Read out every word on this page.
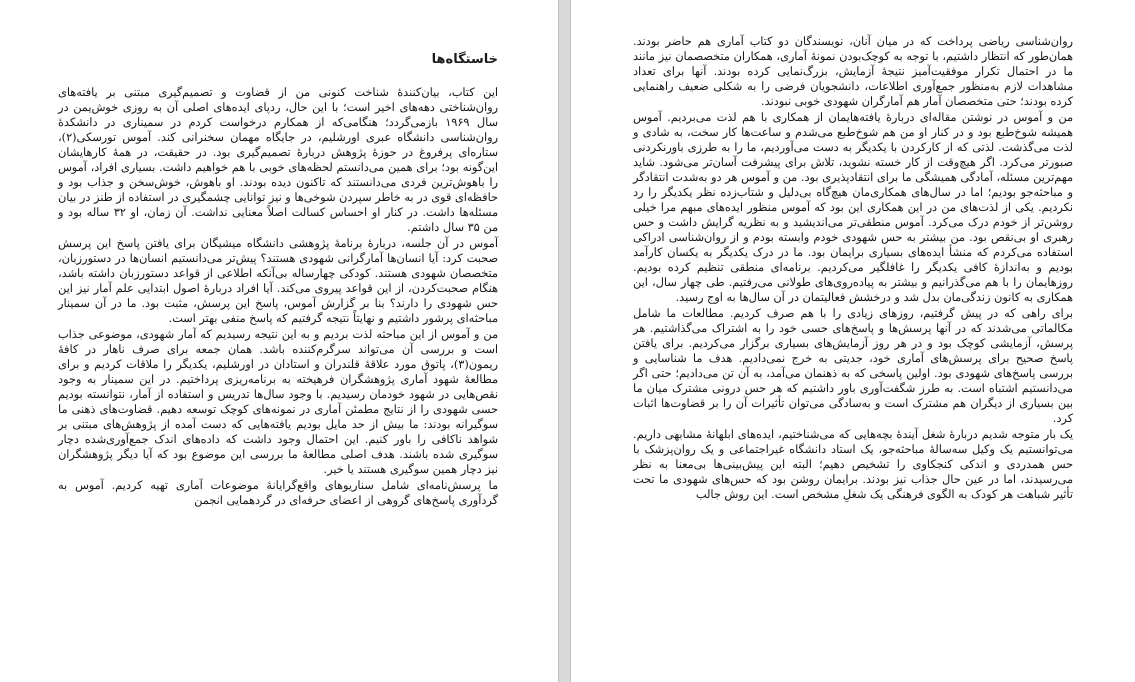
خاستگاه‌ها

این کتاب، بیان‌کنندهٔ شناخت کنونی من از قضاوت و تصمیم‌گیری مبتنی بر یافته‌های روان‌شناختی دهه‌های اخیر است؛ با این حال، ردپای ایده‌های اصلی آن به روزی خوش‌یمن در سال ۱۹۶۹ بازمی‌گردد؛ هنگامی‌که از همکارم درخواست کردم در سمیناری در دانشکدهٔ روان‌شناسی دانشگاه عبری اورشلیم، در جایگاه مهمان سخنرانی کند. آموس تورسکی(۲)، ستاره‌ای پرفروغ در حوزهٔ پژوهش دربارهٔ تصمیم‌گیری بود. در حقیقت، در همهٔ کارهایشان این‌گونه بود؛ برای همین می‌دانستم لحظه‌های خوبی با هم خواهیم داشت. بسیاری افراد، آموس را باهوش‌ترین فردی می‌دانستند که تاکنون دیده بودند. او باهوش، خوش‌سخن و جذاب بود و حافظه‌ای قوی در به خاطر سپردن شوخی‌ها و نیز توانایی چشمگیری در استفاده از طنز در بیان مسئله‌ها داشت. در کنار او احساس کسالت اصلاً معنایی نداشت. آن زمان، او ۳۲ ساله بود و من ۳۵ سال داشتم.

آموس در آن جلسه، دربارهٔ برنامهٔ پژوهشی دانشگاه میشیگان برای یافتن پاسخ این پرسش صحبت کرد: آیا انسان‌ها آمارگرانی شهودی هستند؟ پیش‌تر می‌دانستیم انسان‌ها در دستورزبان، متخصصان شهودی هستند. کودکی چهارساله بی‌آنکه اطلاعی از قواعد دستورزبان داشته باشد، هنگام صحبت‌کردن، از این قواعد پیروی می‌کند. آیا افراد دربارهٔ اصول ابتدایی علم آمار نیز این حس شهودی را دارند؟ بنا بر گزارش آموس، پاسخ این پرسش، مثبت بود. ما در آن سمینار مباحثه‌ای پرشور داشتیم و نهایتاً نتیجه گرفتیم که پاسخ منفی بهتر است.

من و آموس از این مباحثه لذت بردیم و به این نتیجه رسیدیم که آمار شهودی، موضوعی جذاب است و بررسی آن می‌تواند سرگرم‌کننده باشد. همان جمعه برای صرف ناهار در کافهٔ ریمون(۳)، پاتوق مورد علاقهٔ قلندران و استادان در اورشلیم، یکدیگر را ملاقات کردیم و برای مطالعهٔ شهود آماری پژوهشگران فرهیخته به برنامه‌ریزی پرداختیم. در این سمینار به وجود نقص‌هایی در شهود خودمان رسیدیم. با وجود سال‌ها تدریس و استفاده از آمار، نتوانسته بودیم حسی شهودی را از نتایج مطمئن آماری در نمونه‌های کوچک توسعه دهیم. قضاوت‌های ذهنی ما سوگیرانه بودند: ما بیش از حد مایل بودیم یافته‌هایی که دست آمده از پژوهش‌های مبتنی بر شواهد ناکافی را باور کنیم. این احتمال وجود داشت که داده‌های اندک جمع‌آوری‌شده دچار سوگیری شده باشند. هدف اصلی مطالعهٔ ما بررسی این موضوع بود که آیا دیگر پژوهشگران نیز دچار همین سوگیری هستند یا خیر.

ما پرسش‌نامه‌ای شامل سناریوهای واقع‌گرایانهٔ موضوعات آماری تهیه کردیم. آموس به گردآوری پاسخ‌های گروهی از اعضای حرفه‌ای در گردهمایی انجمن

روان‌شناسی ریاضی پرداخت که در میان آنان، نویسندگان دو کتاب آماری هم حاضر بودند. همان‌طور که انتظار داشتیم، با توجه به کوچک‌بودن نمونهٔ آماری، همکاران متخصصمان نیز مانند ما در احتمال تکرار موفقیت‌آمیز نتیجهٔ آزمایش، بزرگ‌نمایی کرده بودند. آنها برای تعداد مشاهدات لازم به‌منظور جمع‌آوری اطلاعات، دانشجویان فرضی را به شکلی ضعیف راهنمایی کرده بودند؛ حتی متخصصان آمار هم آمارگران شهودی خوبی نبودند.

من و آموس در نوشتن مقاله‌ای دربارهٔ یافته‌هایمان از همکاری با هم لذت می‌بردیم. آموس همیشه شوخ‌طبع بود و در کنار او من هم شوخ‌طبع می‌شدم و ساعت‌ها کار سخت، به شادی و لذت می‌گذشت. لذتی که از کارکردن با یکدیگر به دست می‌آوردیم، ما را به طرزی باورنکردنی صبورتر می‌کرد. اگر هیچ‌وقت از کار خسته نشوید، تلاش برای پیشرفت آسان‌تر می‌شود. شاید مهم‌ترین مسئله، آمادگی همیشگی ما برای انتقادپذیری بود. من و آموس هر دو به‌شدت انتقادگر و مباحثه‌جو بودیم؛ اما در سال‌های همکاری‌مان هیچ‌گاه بی‌دلیل و شتاب‌زده نظر یکدیگر را رد نکردیم. یکی از لذت‌های من در این همکاری این بود که آموس منظور ایده‌های مبهم مرا خیلی روشن‌تر از خودم درک می‌کرد. آموس منطقی‌تر می‌اندیشید و به نظریه گرایش داشت و حس رهبری او بی‌نقص بود. من بیشتر به حس شهودی خودم وابسته بودم و از روان‌شناسی ادراکی استفاده می‌کردم که منشأ ایده‌های بسیاری برایمان بود. ما در درک یکدیگر به یکسان کارآمد بودیم و به‌اندازهٔ کافی یکدیگر را غافلگیر می‌کردیم. برنامه‌ای منطقی تنظیم کرده بودیم. روزهایمان را با هم می‌گذرانیم و بیشتر به پیاده‌روی‌های طولانی می‌رفتیم. طی چهار سال، این همکاری به کانون زندگی‌مان بدل شد و درخشش فعالیتمان در آن سال‌ها به اوج رسید.

برای راهی که در پیش گرفتیم، روزهای زیادی را با هم صرف کردیم. مطالعات ما شامل مکالماتی می‌شدند که در آنها پرسش‌ها و پاسخ‌های حسی خود را به اشتراک می‌گذاشتیم. هر پرسش، آزمایشی کوچک بود و در هر روز آزمایش‌های بسیاری برگزار می‌کردیم. برای یافتن پاسخ صحیح برای پرسش‌های آماری خود، جدیتی به خرج نمی‌دادیم. هدف ما شناسایی و بررسی پاسخ‌های شهودی بود. اولین پاسخی که به ذهنمان می‌آمد، به آن تن می‌دادیم؛ حتی اگر می‌دانستیم اشتباه است. به طرز شگفت‌آوری باور داشتیم که هر حس درونی مشترک میان ما بین بسیاری از دیگران هم مشترک است و به‌سادگی می‌توان تأثیرات آن را بر قضاوت‌ها اثبات کرد.

یک بار متوجه شدیم دربارهٔ شغل آیندهٔ بچه‌هایی که می‌شناختیم، ایده‌های ابلهانهٔ مشابهی داریم. می‌توانستیم یک وکیل سه‌سالهٔ مباحثه‌جو، یک استاد دانشگاه غیراجتماعی و یک روان‌پزشک با حس همدردی و اندکی کنجکاوی را تشخیص دهیم؛ البته این پیش‌بینی‌ها بی‌معنا به نظر می‌رسیدند، اما در عین حال جذاب نیز بودند. برایمان روشن بود که حس‌های شهودی ما تحت تأثیر شباهت هر کودک به الگوی فرهنگی یک شغلِ مشخص است. این روش جالب
